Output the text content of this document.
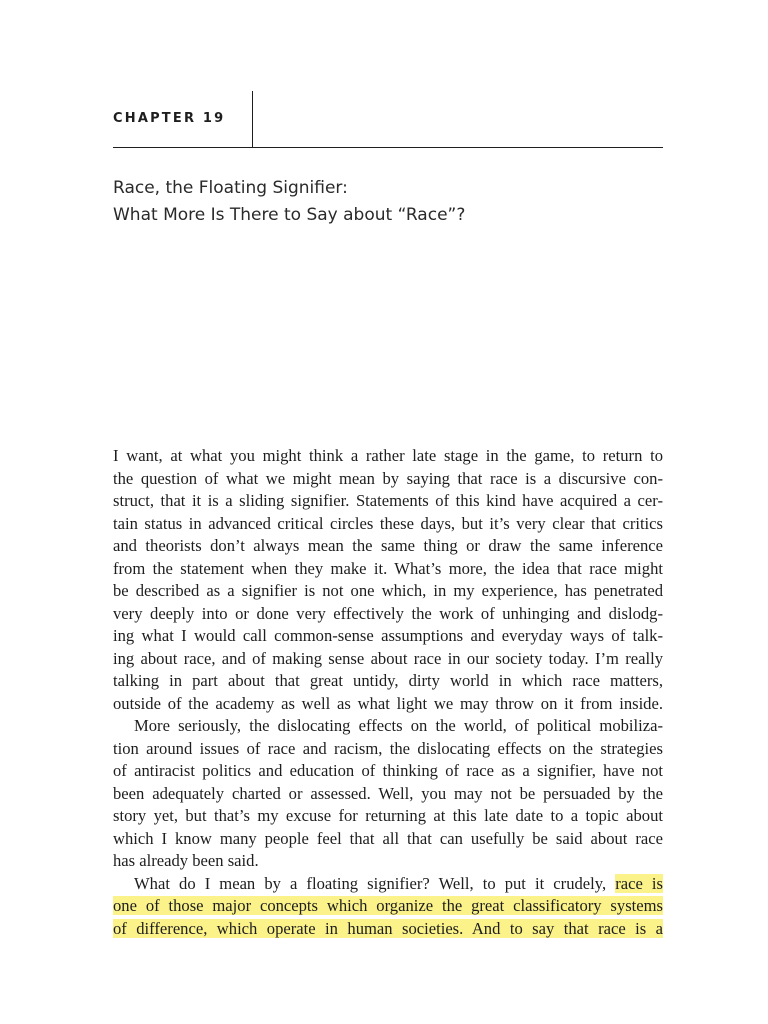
CHAPTER 19
Race, the Floating Signifier:
What More Is There to Say about “Race”?
I want, at what you might think a rather late stage in the game, to return to
the question of what we might mean by saying that race is a discursive con-
struct, that it is a sliding signifier. Statements of this kind have acquired a cer-
tain status in advanced critical circles these days, but it’s very clear that critics
and theorists don’t always mean the same thing or draw the same inference
from the statement when they make it. What’s more, the idea that race might
be described as a signifier is not one which, in my experience, has penetrated
very deeply into or done very effectively the work of unhinging and dislodg-
ing what I would call common-sense assumptions and everyday ways of talk-
ing about race, and of making sense about race in our society today. I’m really
talking in part about that great untidy, dirty world in which race matters,
outside of the academy as well as what light we may throw on it from inside.
More seriously, the dislocating effects on the world, of political mobiliza-
tion around issues of race and racism, the dislocating effects on the strategies
of antiracist politics and education of thinking of race as a signifier, have not
been adequately charted or assessed. Well, you may not be persuaded by the
story yet, but that’s my excuse for returning at this late date to a topic about
which I know many people feel that all that can usefully be said about race
has already been said.
What do I mean by a floating signifier? Well, to put it crudely, race is
one of those major concepts which organize the great classificatory systems
of difference, which operate in human societies. And to say that race is a
